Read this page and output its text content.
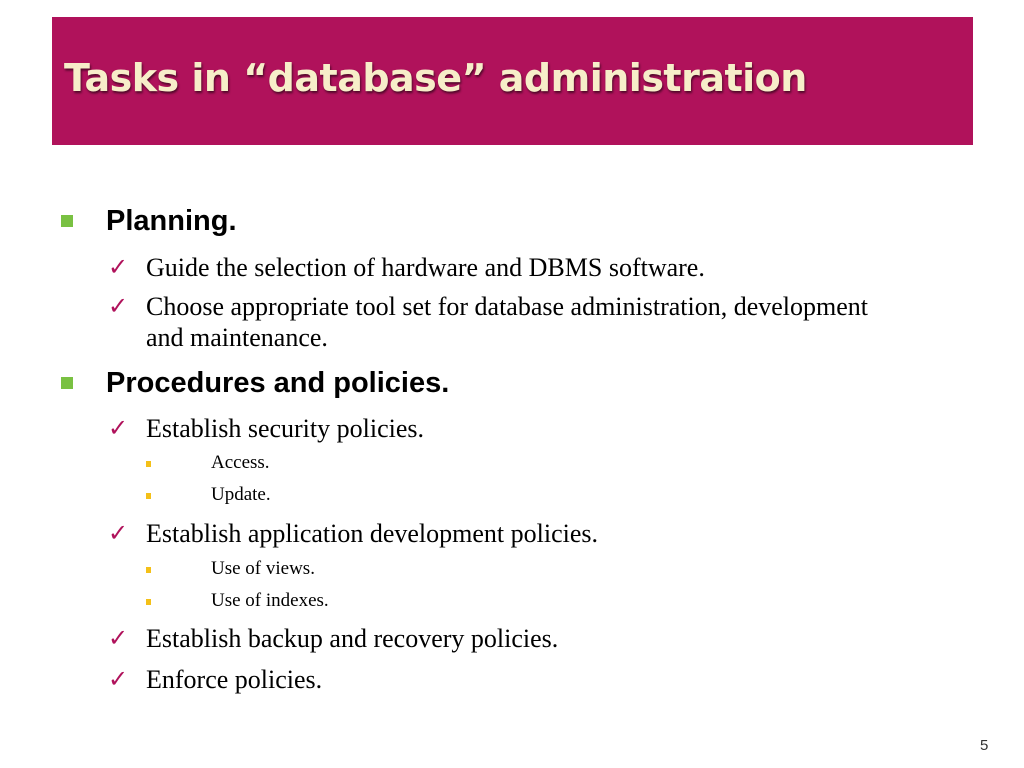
Tasks in “database” administration
Planning.
✓ Guide the selection of hardware and DBMS software.
✓ Choose appropriate tool set for database administration, development and maintenance.
Procedures and policies.
✓ Establish security policies.
Access.
Update.
✓ Establish application development policies.
Use of views.
Use of indexes.
✓ Establish backup and recovery policies.
✓ Enforce policies.
5
